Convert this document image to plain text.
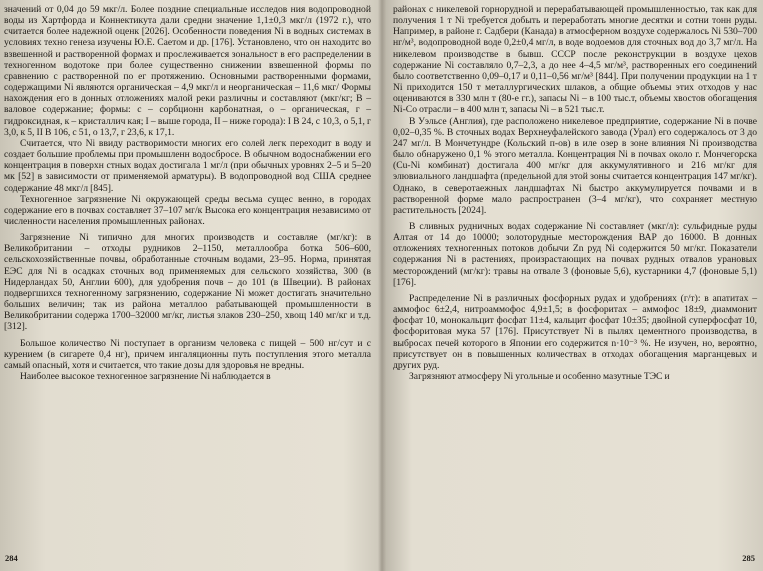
значений от 0,04 до 59 мкг/л. Более поздние специальные исследов ния водопроводной воды из Хартфорда и Коннектикута дали средни значение 1,1±0,3 мкг/л (1972 г.), что считается более надежной оценк [2026]. Особенности поведения Ni в водных системах в условиях техно генеза изучены Ю.Е. Саетом и др. [176]. Установлено, что он находитс во взвешенной и растворенной формах и прослеживается зональност в его распределении в техногенном водотоке при более существенно снижении взвешенной формы по сравнению с растворенной по ег протяжению. Основными растворенными формами, содержащими Ni являются органическая – 4,9 мкг/л и неорганическая – 11,6 мкг/ Формы нахождения его в донных отложениях малой реки различны и составляют (мкг/кг; В – валовое содержание; формы: с – сорбционн карбонатная, о – органическая, г – гидроксидная, к – кристаллич кая; I – выше города, II – ниже города): I B 24, c 10,3, o 5,1, г 3,0, к 5, II B 106, c 51, o 13,7, г 23,6, к 17,1.

Считается, что Ni ввиду растворимости многих его солей легк переходит в воду и создает большие проблемы при промышленн водосбросе. В обычном водоснабжении его концентрация в поверхн стных водах достигала 1 мг/л (при обычных уровнях 2–5 и 5–20 мк [52] в зависимости от применяемой арматуры). В водопроводной вод США среднее содержание 48 мкг/л [845].

Техногенное загрязнение Ni окружающей среды весьма сущес венно, в городах содержание его в почвах составляет 37–107 мг/к Высока его концентрация независимо от численности населения промышленных районах.

Загрязнение Ni типично для многих производств и составляе (мг/кг): в Великобритании – отходы рудников 2–1150, металлообра ботка 506–600, сельскохозяйственные почвы, обработанные сточным водами, 23–95. Норма, принятая ЕЭС для Ni в осадках сточных вод применяемых для сельского хозяйства, 300 (в Нидерландах 50, Англии 600), для удобрения почв – до 101 (в Швеции). В районах подвергшихся техногенному загрязнению, содержание Ni может достигать значительно больших величин; так из района металлоо рабатывающей промышленности в Великобритании содержа 1700–32000 мг/кг, листья злаков 230–250, хвощ 140 мг/кг и т.д. [312].

Большое количество Ni поступает в организм человека с пищей – 500 нг/сут и с курением (в сигарете 0,4 нг), причем ингаляционны путь поступления этого металла самый опасный, хотя и считается, что такие дозы для здоровья не вредны.

Наиболее высокое техногенное загрязнение Ni наблюдается в

284

районах с никелевой горнорудной и перерабатывающей промышленностью, так как для получения 1 т Ni требуется добыть и переработать многие десятки и сотни тонн руды. Например, в районе г. Садбери (Канада) в атмосферном воздухе содержалось Ni 530–700 нг/м³, водопроводной воде 0,2±0,4 мг/л, в воде водоемов для сточных вод до 3,7 мг/л. На никелевом производстве в бывш. СССР после реконструкции в воздухе цехов содержание Ni составляло 0,7–2,3, а до нее 4–4,5 мг/м³, растворенных его соединений было соответственно 0,09–0,17 и 0,11–0,56 мг/м³ [844]. При получении продукции на 1 т Ni приходится 150 т металлургических шлаков, а общие объемы этих отходов у нас оцениваются в 330 млн т (80-е гг.), запасы Ni – в 100 тыс.т, объемы хвостов обогащения Ni-Co отрасли – в 400 млн т, запасы Ni – в 521 тыс.т.

В Уэльсе (Англия), где расположено никелевое предприятие, содержание Ni в почве 0,02–0,35 %. В сточных водах Верхнеуфалейского завода (Урал) его содержалось от 3 до 247 мг/л. В Мончетундре (Кольский п-ов) в иле озер в зоне влияния Ni производства было обнаружено 0,1 % этого металла. Концентрация Ni в почвах около г. Мончегорска (Cu-Ni комбинат) достигала 400 мг/кг для аккумулятивного и 216 мг/кг для элювиального ландшафта (предельной для этой зоны считается концентрация 147 мг/кг). Однако, в северотаежных ландшафтах Ni быстро аккумулируется почвами и в растворенной форме мало распространен (3–4 мг/кг), что сохраняет местную растительность [2024].

В сливных рудничных водах содержание Ni составляет (мкг/л): сульфидные руды Алтая от 14 до 10000; золоторудные месторождения ВАР до 16000. В донных отложениях техногенных потоков добычи Zn руд Ni содержится 50 мг/кг. Показатели содержания Ni в растениях, произрастающих на почвах рудных отвалов урановых месторождений (мг/кг): травы на отвале 3 (фоновые 5,6), кустарники 4,7 (фоновые 5,1) [176].

Распределение Ni в различных фосфорных рудах и удобрениях (г/т): в апатитах – аммофос 6±2,4, нитроаммофос 4,9±1,5; в фосфоритах – аммофос 18±9, диаммонит фосфат 10, монокальцит фосфат 11±4, кальцит фосфат 10±35; двойной суперфосфат 10, фосфоритовая мука 57 [176]. Присутствует Ni в пылях цементного производства, в выбросах печей которого в Японии его содержится n·10⁻³ %. Не изучен, но, вероятно, присутствует он в повышенных количествах в отходах обогащения марганцевых и других руд.

Загрязняют атмосферу Ni угольные и особенно мазутные ТЭС и

285
